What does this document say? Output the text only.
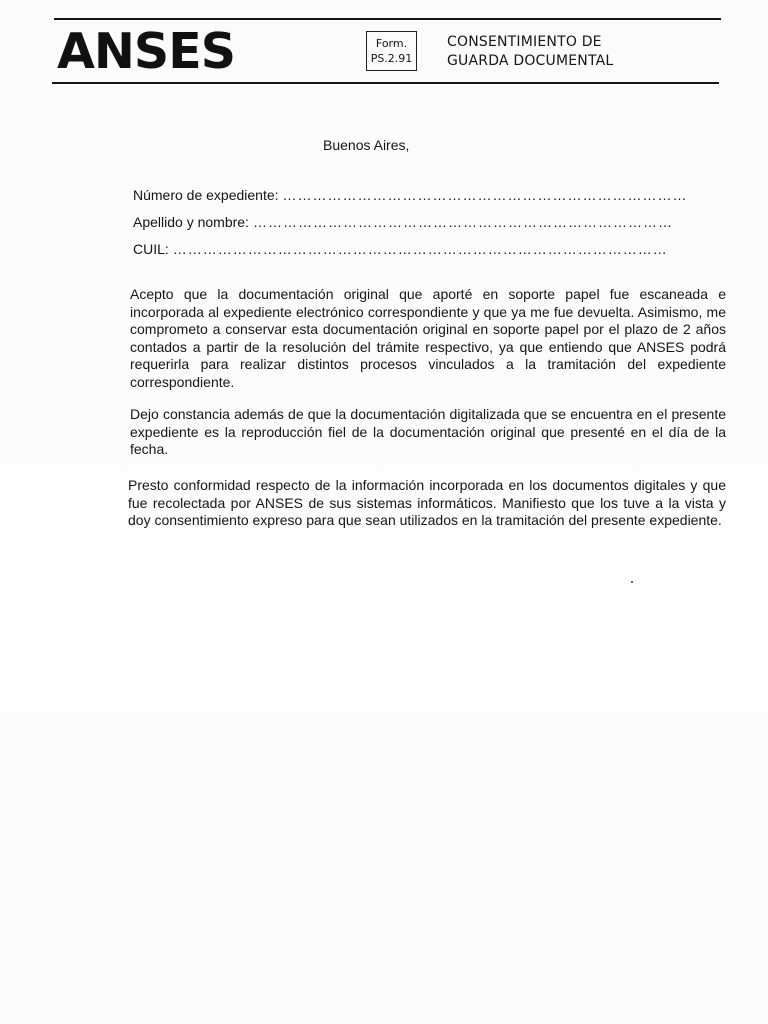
ANSES	Form.
PS.2.91
CONSENTIMIENTO DE
GUARDA DOCUMENTAL
Buenos Aires,
Número de expediente: ………………………………………………………………………
Apellido y nombre: …………………………………………………………………………
CUIL: ………………………………………………………………………………………

Acepto que la documentación original que aporté en soporte papel fue escaneada e incorporada al expediente electrónico correspondiente y que ya me fue devuelta. Asimismo, me comprometo a conservar esta documentación original en soporte papel por el plazo de 2 años contados a partir de la resolución del trámite respectivo, ya que entiendo que ANSES podrá requerirla para realizar distintos procesos vinculados a la tramitación del expediente correspondiente.

Dejo constancia además de que la documentación digitalizada que se encuentra en el presente expediente es la reproducción fiel de la documentación original que presenté en el día de la fecha.

Presto conformidad respecto de la información incorporada en los documentos digitales y que fue recolectada por ANSES de sus sistemas informáticos. Manifiesto que los tuve a la vista y doy consentimiento expreso para que sean utilizados en la tramitación del presente expediente.
